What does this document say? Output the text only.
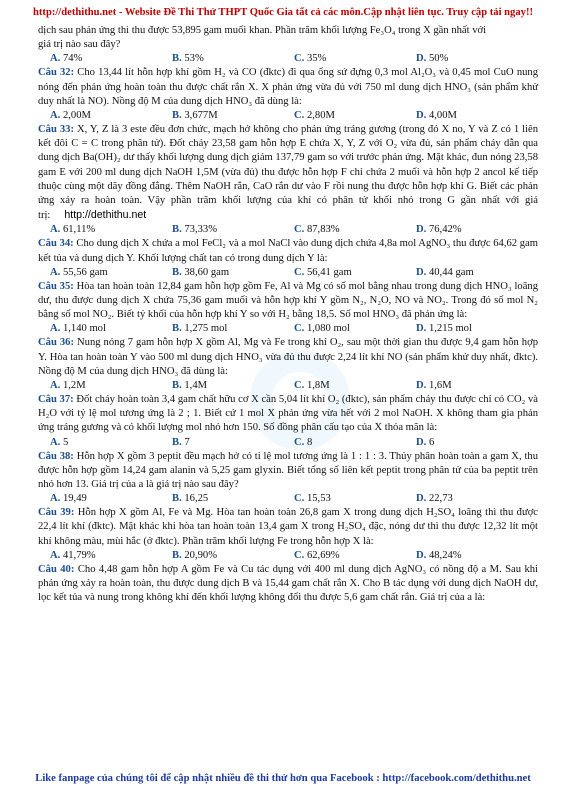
http://dethithu.net - Website Đề Thi Thử THPT Quốc Gia tất cả các môn.Cập nhật liên tục. Truy cập tải ngay!!
dịch sau phản ứng thì thu được 53,895 gam muối khan. Phần trăm khối lượng Fe₃O₄ trong X gần nhất với
giá trị nào sau đây?
A. 74%	B. 53%	C. 35%	D. 50%
Câu 32: Cho 13,44 lít hỗn hợp khí gồm H₂ và CO (đktc) đi qua ống sứ đựng 0,3 mol Al₂O₃ và 0,45 mol CuO nung nóng đến phản ứng hoàn toàn thu được chất rắn X. X phản ứng vừa đủ với 750 ml dung dịch HNO₃ (sản phẩm khử duy nhất là NO). Nồng độ M của dung dịch HNO₃ đã dùng là:
A. 2,00M	B. 3,677M	C. 2,80M	D. 4,00M
Câu 33: X, Y, Z là 3 este đều đơn chức, mạch hở không cho phản ứng tráng gương (trong đó X no, Y và Z có 1 liên kết đôi C = C trong phân tử). Đốt cháy 23,58 gam hỗn hợp E chứa X, Y, Z với O₂ vừa đủ, sản phẩm cháy dẫn qua dung dịch Ba(OH)₂ dư thấy khối lượng dung dịch giảm 137,79 gam so với trước phản ứng. Mặt khác, đun nóng 23,58 gam E với 200 ml dung dịch NaOH 1,5M (vừa đủ) thu được hỗn hợp F chỉ chứa 2 muối và hỗn hợp 2 ancol kế tiếp thuộc cùng một dãy đồng đẳng. Thêm NaOH rắn, CaO rắn dư vào F rồi nung thu được hỗn hợp khí G. Biết các phản ứng xảy ra hoàn toàn. Vậy phần trăm khối lượng của khí có phân tử khối nhỏ trong G gần nhất với giá trị: http://dethithu.net
A. 61,11%	B. 73,33%	C. 87,83%	D. 76,42%
Câu 34: Cho dung dịch X chứa a mol FeCl₂ và a mol NaCl vào dung dịch chứa 4,8a mol AgNO₃ thu được 64,62 gam kết tủa và dung dịch Y. Khối lượng chất tan có trong dung dịch Y là:
A. 55,56 gam	B. 38,60 gam	C. 56,41 gam	D. 40,44 gam
Câu 35: Hòa tan hoàn toàn 12,84 gam hỗn hợp gồm Fe, Al và Mg có số mol bằng nhau trong dung dịch HNO₃ loãng dư, thu được dung dịch X chứa 75,36 gam muối và hỗn hợp khí Y gồm N₂, N₂O, NO và NO₂. Trong đó số mol N₂ bằng số mol NO₂. Biết tỷ khối của hỗn hợp khí Y so với H₂ bằng 18,5. Số mol HNO₃ đã phản ứng là:
A. 1,140 mol	B. 1,275 mol	C. 1,080 mol	D. 1,215 mol
Câu 36: Nung nóng 7 gam hỗn hợp X gồm Al, Mg và Fe trong khí O₂, sau một thời gian thu được 9,4 gam hỗn hợp Y. Hòa tan hoàn toàn Y vào 500 ml dung dịch HNO₃ vừa đủ thu được 2,24 lít khí NO (sản phẩm khử duy nhất, đktc). Nồng độ M của dung dịch HNO₃ đã dùng là:
A. 1,2M	B. 1,4M	C. 1,8M	D. 1,6M
Câu 37: Đốt cháy hoàn toàn 3,4 gam chất hữu cơ X cần 5,04 lít khí O₂ (đktc), sản phẩm cháy thu được chỉ có CO₂ và H₂O với tỷ lệ mol tương ứng là 2 ; 1. Biết cứ 1 mol X phản ứng vừa hết với 2 mol NaOH. X không tham gia phản ứng tráng gương và có khối lượng mol nhỏ hơn 150. Số đồng phân cấu tạo của X thỏa mãn là:
A. 5	B. 7	C. 8	D. 6
Câu 38: Hỗn hợp X gồm 3 peptit đều mạch hở có tỉ lệ mol tương ứng là 1 : 1 : 3. Thủy phân hoàn toàn a gam X, thu được hỗn hợp gồm 14,24 gam alanin và 5,25 gam glyxin. Biết tổng số liên kết peptit trong phân tử của ba peptit trên nhỏ hơn 13. Giá trị của a là giá trị nào sau đây?
A. 19,49	B. 16,25	C. 15,53	D. 22,73
Câu 39: Hỗn hợp X gồm Al, Fe và Mg. Hòa tan hoàn toàn 26,8 gam X trong dung dịch H₂SO₄ loãng thì thu được 22,4 lít khí (đktc). Mặt khác khi hòa tan hoàn toàn 13,4 gam X trong H₂SO₄ đặc, nóng dư thì thu được 12,32 lít một khí không màu, mùi hắc (ở đktc). Phần trăm khối lượng Fe trong hỗn hợp X là:
A. 41,79%	B. 20,90%	C. 62,69%	D. 48,24%
Câu 40: Cho 4,48 gam hỗn hợp A gồm Fe và Cu tác dụng với 400 ml dung dịch AgNO₃ có nồng độ a M. Sau khi phản ứng xảy ra hoàn toàn, thu được dung dịch B và 15,44 gam chất rắn X. Cho B tác dụng với dung dịch NaOH dư, lọc kết tủa và nung trong không khí đến khối lượng không đổi thu được 5,6 gam chất rắn. Giá trị của a là:
Like fanpage của chúng tôi để cập nhật nhiều đề thi thử hơn qua Facebook : http://facebook.com/dethithu.net
